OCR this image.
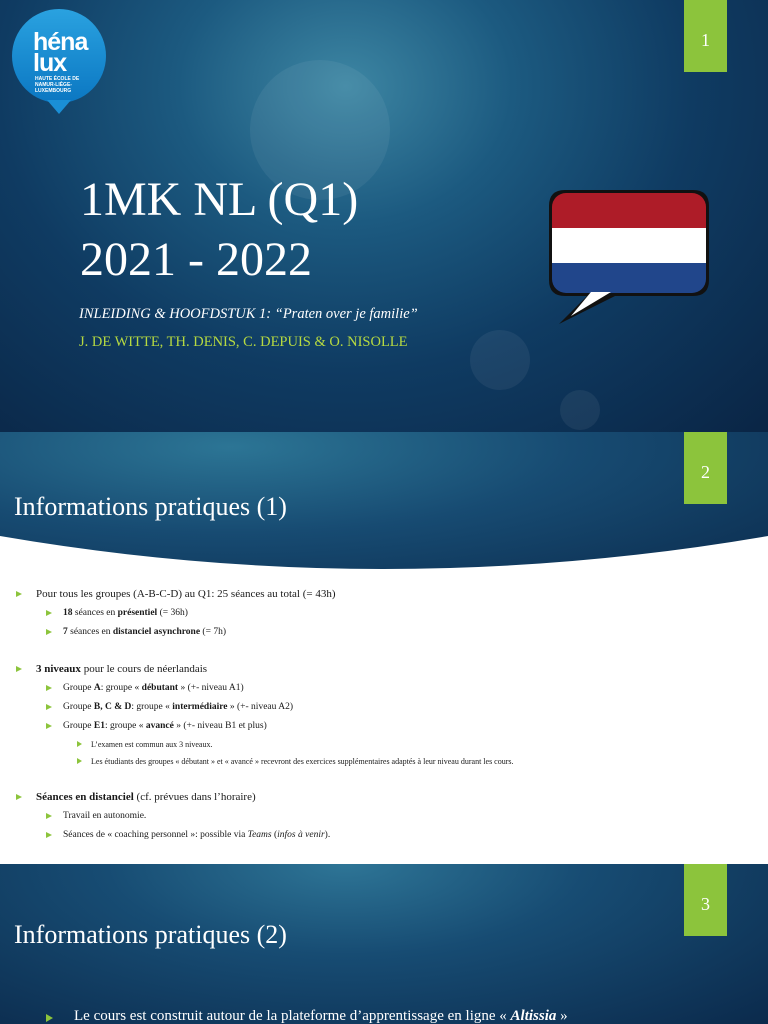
héna
lux
HAUTE ÉCOLE DE
NAMUR-LIÈGE-LUXEMBOURG
1
1MK NL (Q1)
2021 - 2022
INLEIDING & HOOFDSTUK 1: “Praten over je familie”
J. DE WITTE, TH. DENIS, C. DEPUIS & O. NISOLLE
2
Informations pratiques (1)
Pour tous les groupes (A-B-C-D) au Q1: 25 séances au total (= 43h)
18 séances en présentiel (= 36h)
7 séances en distanciel asynchrone (= 7h)
3 niveaux pour le cours de néerlandais
Groupe A: groupe « débutant » (+- niveau A1)
Groupe B, C & D: groupe « intermédiaire » (+- niveau A2)
Groupe E1: groupe « avancé » (+- niveau B1 et plus)
L’examen est commun aux 3 niveaux.
Les étudiants des groupes « débutant » et « avancé » recevront des exercices supplémentaires adaptés à leur niveau durant les cours.
Séances en distanciel (cf. prévues dans l’horaire)
Travail en autonomie.
Séances de « coaching personnel »: possible via Teams (infos à venir).
3
Informations pratiques (2)
Le cours est construit autour de la plateforme d’apprentissage en ligne « Altissia »
